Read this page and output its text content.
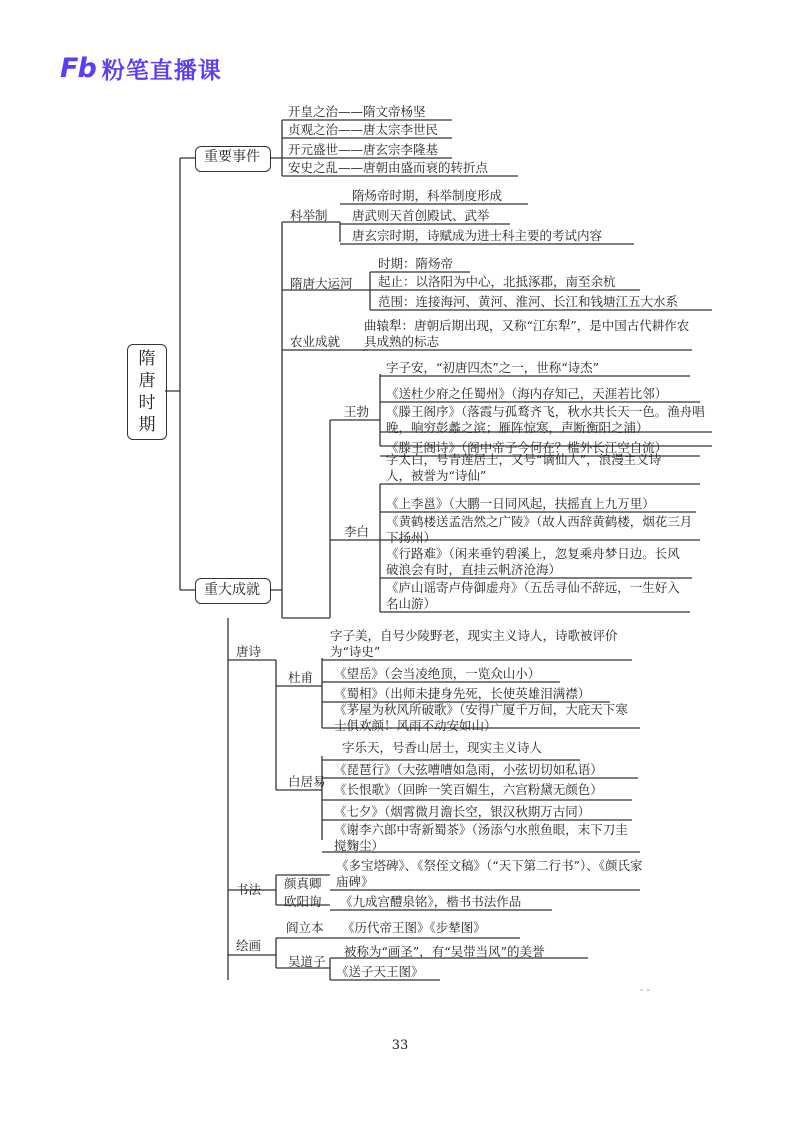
Fb 粉笔直播课
隋唐时期
重要事件
重大成就
开皇之治——隋文帝杨坚
贞观之治——唐太宗李世民
开元盛世——唐玄宗李隆基
安史之乱——唐朝由盛而衰的转折点
科举制
隋炀帝时期，科举制度形成
唐武则天首创殿试、武举
唐玄宗时期，诗赋成为进士科主要的考试内容
隋唐大运河
时期：隋炀帝
起止：以洛阳为中心，北抵涿郡，南至余杭
范围：连接海河、黄河、淮河、长江和钱塘江五大水系
农业成就
曲辕犁：唐朝后期出现，又称“江东犁”，是中国古代耕作农具成熟的标志
王勃
字子安，“初唐四杰”之一，世称“诗杰”
《送杜少府之任蜀州》（海内存知己，天涯若比邻）
《滕王阁序》（落霞与孤鹜齐飞，秋水共长天一色。渔舟唱晚，响穷彭蠡之滨；雁阵惊寒，声断衡阳之浦）
《滕王阁诗》（阁中帝子今何在？槛外长江空自流）
李白
字太白，号青莲居士，又号“谪仙人”，浪漫主义诗人，被誉为“诗仙”
《上李邕》（大鹏一日同风起，扶摇直上九万里）
《黄鹤楼送孟浩然之广陵》（故人西辞黄鹤楼，烟花三月下扬州）
《行路难》（闲来垂钓碧溪上，忽复乘舟梦日边。长风破浪会有时，直挂云帆济沧海）
《庐山谣寄卢侍御虚舟》（五岳寻仙不辞远，一生好入名山游）
唐诗
杜甫
字子美，自号少陵野老，现实主义诗人，诗歌被评价为“诗史”
《望岳》（会当凌绝顶，一览众山小）
《蜀相》（出师未捷身先死，长使英雄泪满襟）
《茅屋为秋风所破歌》（安得广厦千万间，大庇天下寒士俱欢颜！风雨不动安如山）
白居易
字乐天，号香山居士，现实主义诗人
《琵琶行》（大弦嘈嘈如急雨，小弦切切如私语）
《长恨歌》（回眸一笑百媚生，六宫粉黛无颜色）
《七夕》（烟霄微月澹长空，银汉秋期万古同）
《谢李六郎中寄新蜀茶》（汤添勺水煎鱼眼，末下刀圭搅麴尘）
书法 颜真卿
《多宝塔碑》、《祭侄文稿》（“天下第二行书”）、《颜氏家庙碑》
欧阳询 《九成宫醴泉铭》，楷书书法作品
绘画
阎立本 《历代帝王图》《步辇图》
吴道子
被称为“画圣”，有“吴带当风”的美誉
《送子天王图》
- -
33
